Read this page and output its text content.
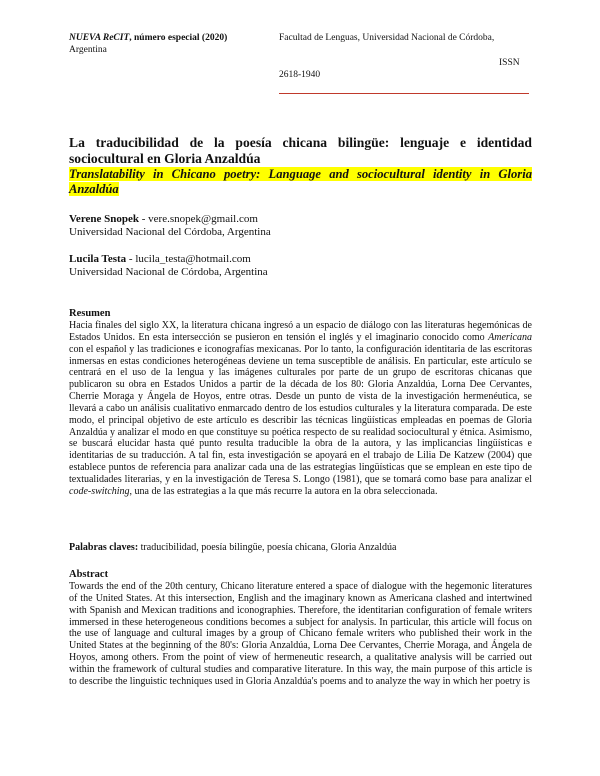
NUEVA ReCIT, número especial (2020)
Argentina
Facultad de Lenguas, Universidad Nacional de Córdoba,
ISSN
2618-1940
La traducibilidad de la poesía chicana bilingüe: lenguaje e identidad sociocultural en Gloria Anzaldúa
Translatability in Chicano poetry: Language and sociocultural identity in Gloria Anzaldúa
Verene Snopek - vere.snopek@gmail.com
Universidad Nacional del Córdoba, Argentina
Lucila Testa - lucila_testa@hotmail.com
Universidad Nacional de Córdoba, Argentina
Resumen
Hacia finales del siglo XX, la literatura chicana ingresó a un espacio de diálogo con las literaturas hegemónicas de Estados Unidos. En esta intersección se pusieron en tensión el inglés y el imaginario conocido como Americana con el español y las tradiciones e iconografías mexicanas. Por lo tanto, la configuración identitaria de las escritoras inmersas en estas condiciones heterogéneas deviene un tema susceptible de análisis. En particular, este artículo se centrará en el uso de la lengua y las imágenes culturales por parte de un grupo de escritoras chicanas que publicaron su obra en Estados Unidos a partir de la década de los 80: Gloria Anzaldúa, Lorna Dee Cervantes, Cherrie Moraga y Ángela de Hoyos, entre otras. Desde un punto de vista de la investigación hermenéutica, se llevará a cabo un análisis cualitativo enmarcado dentro de los estudios culturales y la literatura comparada. De este modo, el principal objetivo de este artículo es describir las técnicas lingüísticas empleadas en poemas de Gloria Anzaldúa y analizar el modo en que constituye su poética respecto de su realidad sociocultural y étnica. Asimismo, se buscará elucidar hasta qué punto resulta traducible la obra de la autora, y las implicancias lingüísticas e identitarias de su traducción. A tal fin, esta investigación se apoyará en el trabajo de Lilia De Katzew (2004) que establece puntos de referencia para analizar cada una de las estrategias lingüísticas que se emplean en este tipo de textualidades literarias, y en la investigación de Teresa S. Longo (1981), que se tomará como base para analizar el code-switching, una de las estrategias a la que más recurre la autora en la obra seleccionada.
Palabras claves: traducibilidad, poesía bilingüe, poesía chicana, Gloria Anzaldúa
Abstract
Towards the end of the 20th century, Chicano literature entered a space of dialogue with the hegemonic literatures of the United States. At this intersection, English and the imaginary known as Americana clashed and intertwined with Spanish and Mexican traditions and iconographies. Therefore, the identitarian configuration of female writers immersed in these heterogeneous conditions becomes a subject for analysis. In particular, this article will focus on the use of language and cultural images by a group of Chicano female writers who published their work in the United States at the beginning of the 80's: Gloria Anzaldúa, Lorna Dee Cervantes, Cherrie Moraga, and Ángela de Hoyos, among others. From the point of view of hermeneutic research, a qualitative analysis will be carried out within the framework of cultural studies and comparative literature. In this way, the main purpose of this article is to describe the linguistic techniques used in Gloria Anzaldúa's poems and to analyze the way in which her poetry is
